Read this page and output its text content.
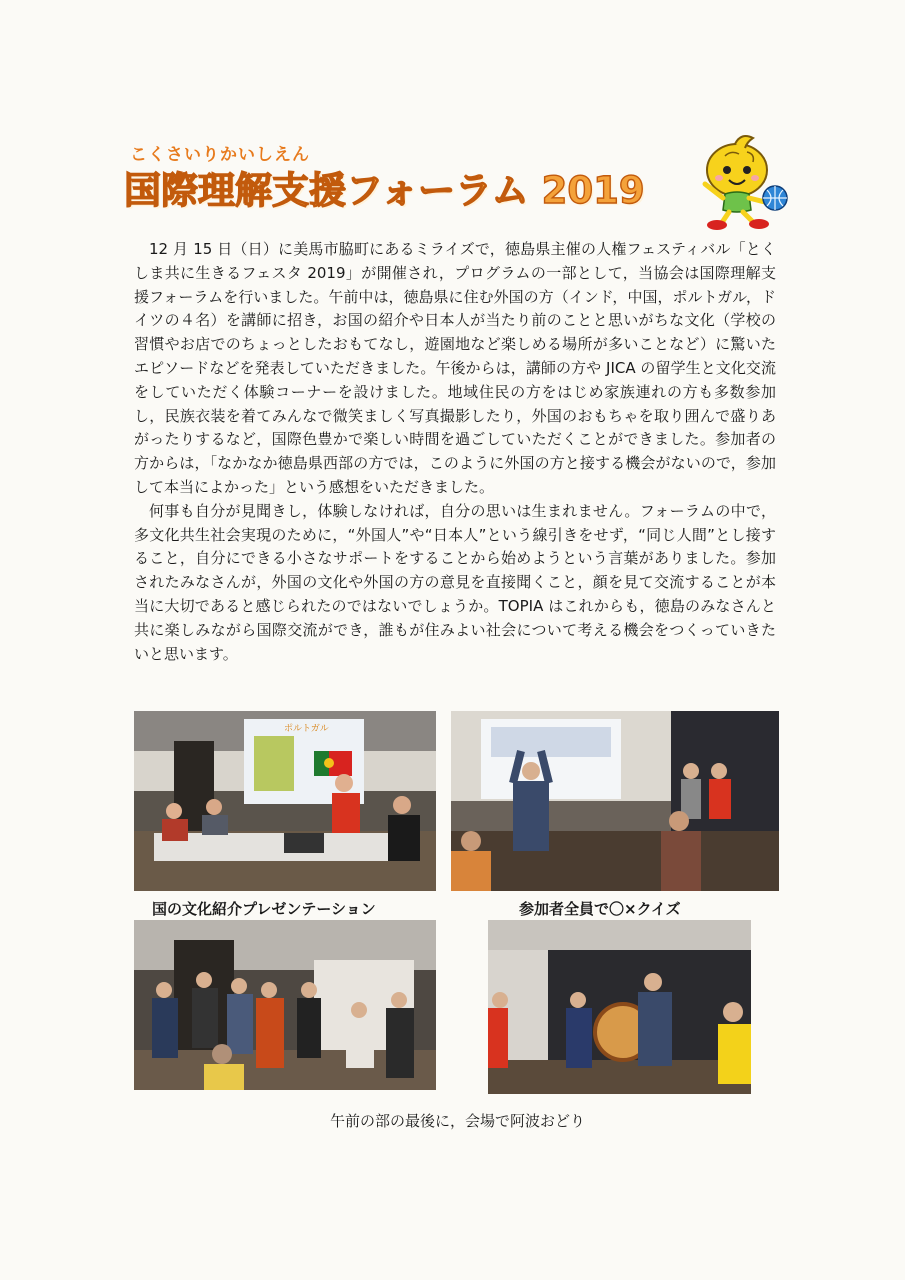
こくさいりかいしえん
国際理解支援フォーラム 2019

12 月 15 日（日）に美馬市脇町にあるミライズで，徳島県主催の人権フェスティバル「とくしま共に生きるフェスタ 2019」が開催され，プログラムの一部として，当協会は国際理解支援フォーラムを行いました。午前中は，徳島県に住む外国の方（インド，中国，ポルトガル，ドイツの４名）を講師に招き，お国の紹介や日本人が当たり前のことと思いがちな文化（学校の習慣やお店でのちょっとしたおもてなし，遊園地など楽しめる場所が多いことなど）に驚いたエピソードなどを発表していただきました。午後からは，講師の方や JICA の留学生と文化交流をしていただく体験コーナーを設けました。地域住民の方をはじめ家族連れの方も多数参加し，民族衣装を着てみんなで微笑ましく写真撮影したり，外国のおもちゃを取り囲んで盛りあがったりするなど，国際色豊かで楽しい時間を過ごしていただくことができました。参加者の方からは，「なかなか徳島県西部の方では，このように外国の方と接する機会がないので，参加して本当によかった」という感想をいただきました。

何事も自分が見聞きし，体験しなければ，自分の思いは生まれません。フォーラムの中で，多文化共生社会実現のために，“外国人”や“日本人”という線引きをせず，“同じ人間”とし接すること，自分にできる小さなサポートをすることから始めようという言葉がありました。参加されたみなさんが，外国の文化や外国の方の意見を直接聞くこと，顔を見て交流することが本当に大切であると感じられたのではないでしょうか。TOPIA はこれからも，徳島のみなさんと共に楽しみながら国際交流ができ，誰もが住みよい社会について考える機会をつくっていきたいと思います。

ポルトガル
国の文化紹介プレゼンテーション	参加者全員で〇×クイズ
午前の部の最後に，会場で阿波おどり
